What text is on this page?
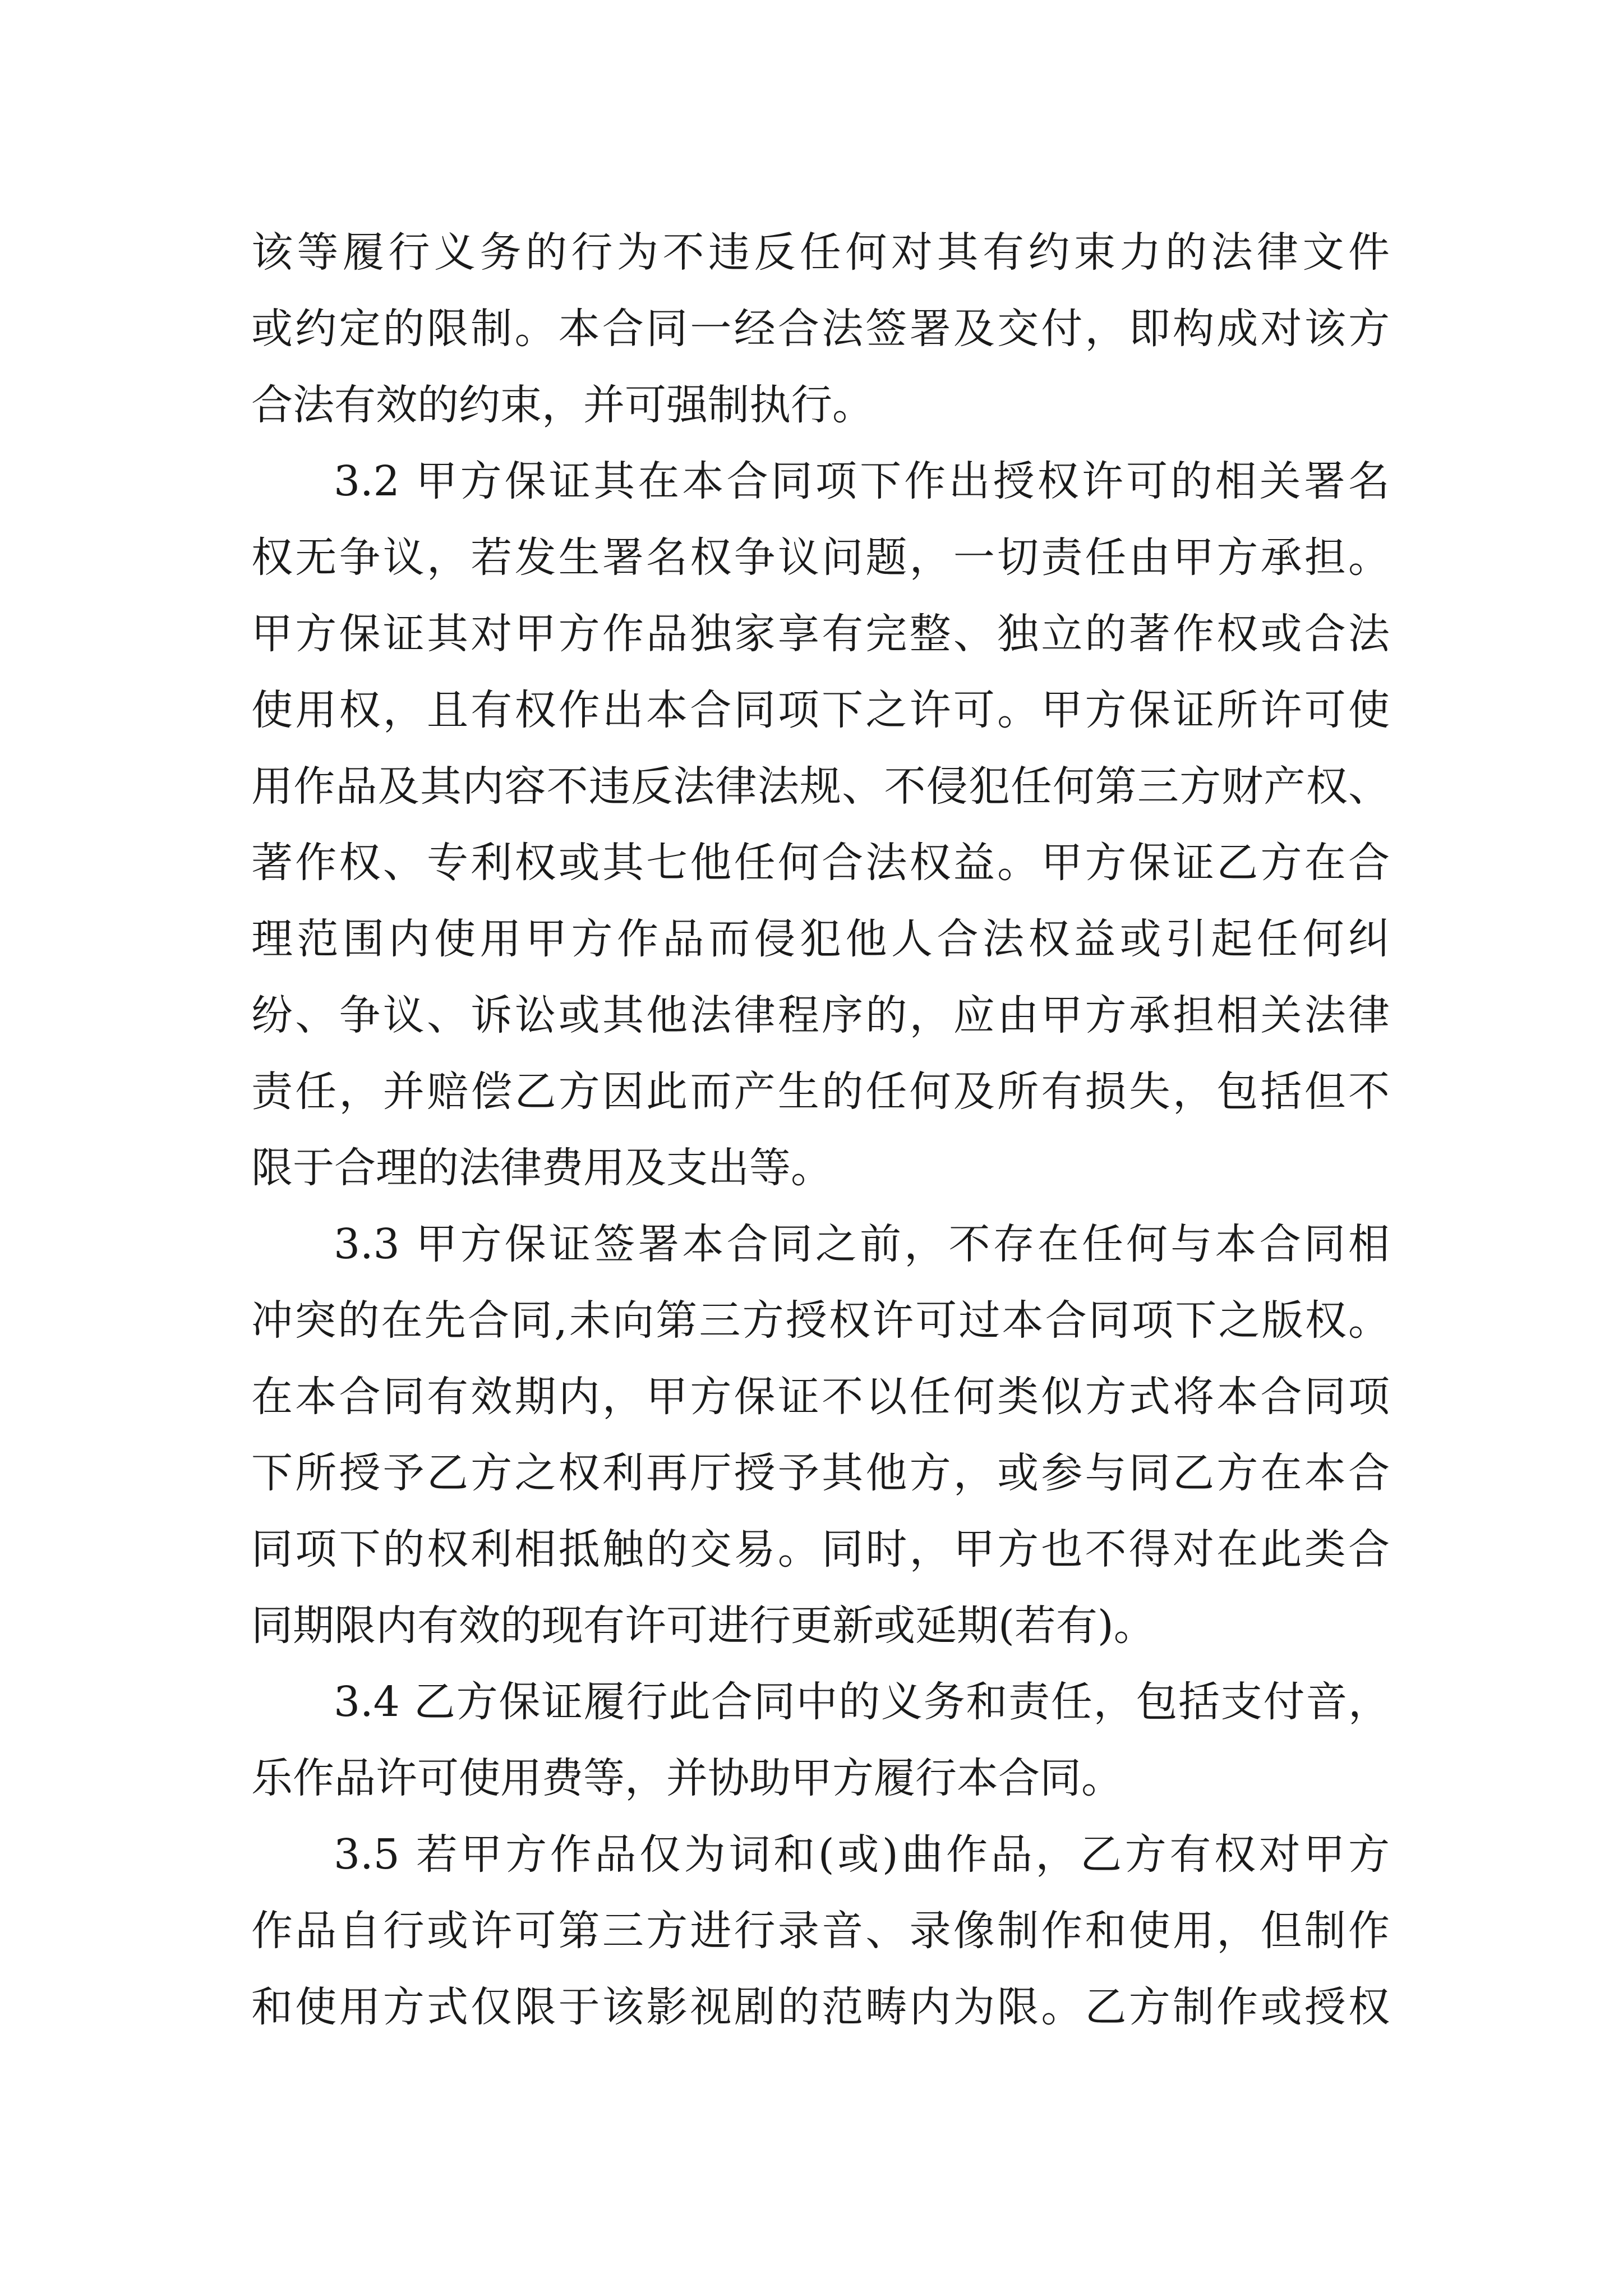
该等履行义务的行为不违反任何对其有约束力的法律文件

或约定的限制。本合同一经合法签署及交付，即构成对该方

合法有效的约束，并可强制执行。

3.2 甲方保证其在本合同项下作出授权许可的相关署名

权无争议，若发生署名权争议问题，一切责任由甲方承担。

甲方保证其对甲方作品独家享有完整、独立的著作权或合法

使用权，且有权作出本合同项下之许可。甲方保证所许可使

用作品及其内容不违反法律法规、不侵犯任何第三方财产权、

著作权、专利权或其七他任何合法权益。甲方保证乙方在合

理范围内使用甲方作品而侵犯他人合法权益或引起任何纠

纷、争议、诉讼或其他法律程序的，应由甲方承担相关法律

责任，并赔偿乙方因此而产生的任何及所有损失，包括但不

限于合理的法律费用及支出等。

3.3 甲方保证签署本合同之前，不存在任何与本合同相

冲突的在先合同,未向第三方授权许可过本合同项下之版权。

在本合同有效期内，甲方保证不以任何类似方式将本合同项

下所授予乙方之权利再厅授予其他方，或参与同乙方在本合

同项下的权利相抵触的交易。同时，甲方也不得对在此类合

同期限内有效的现有许可进行更新或延期(若有)。

3.4 乙方保证履行此合同中的义务和责任，包括支付音，

乐作品许可使用费等，并协助甲方履行本合同。

3.5 若甲方作品仅为词和(或)曲作品，乙方有权对甲方

作品自行或许可第三方进行录音、录像制作和使用，但制作

和使用方式仅限于该影视剧的范畴内为限。乙方制作或授权
